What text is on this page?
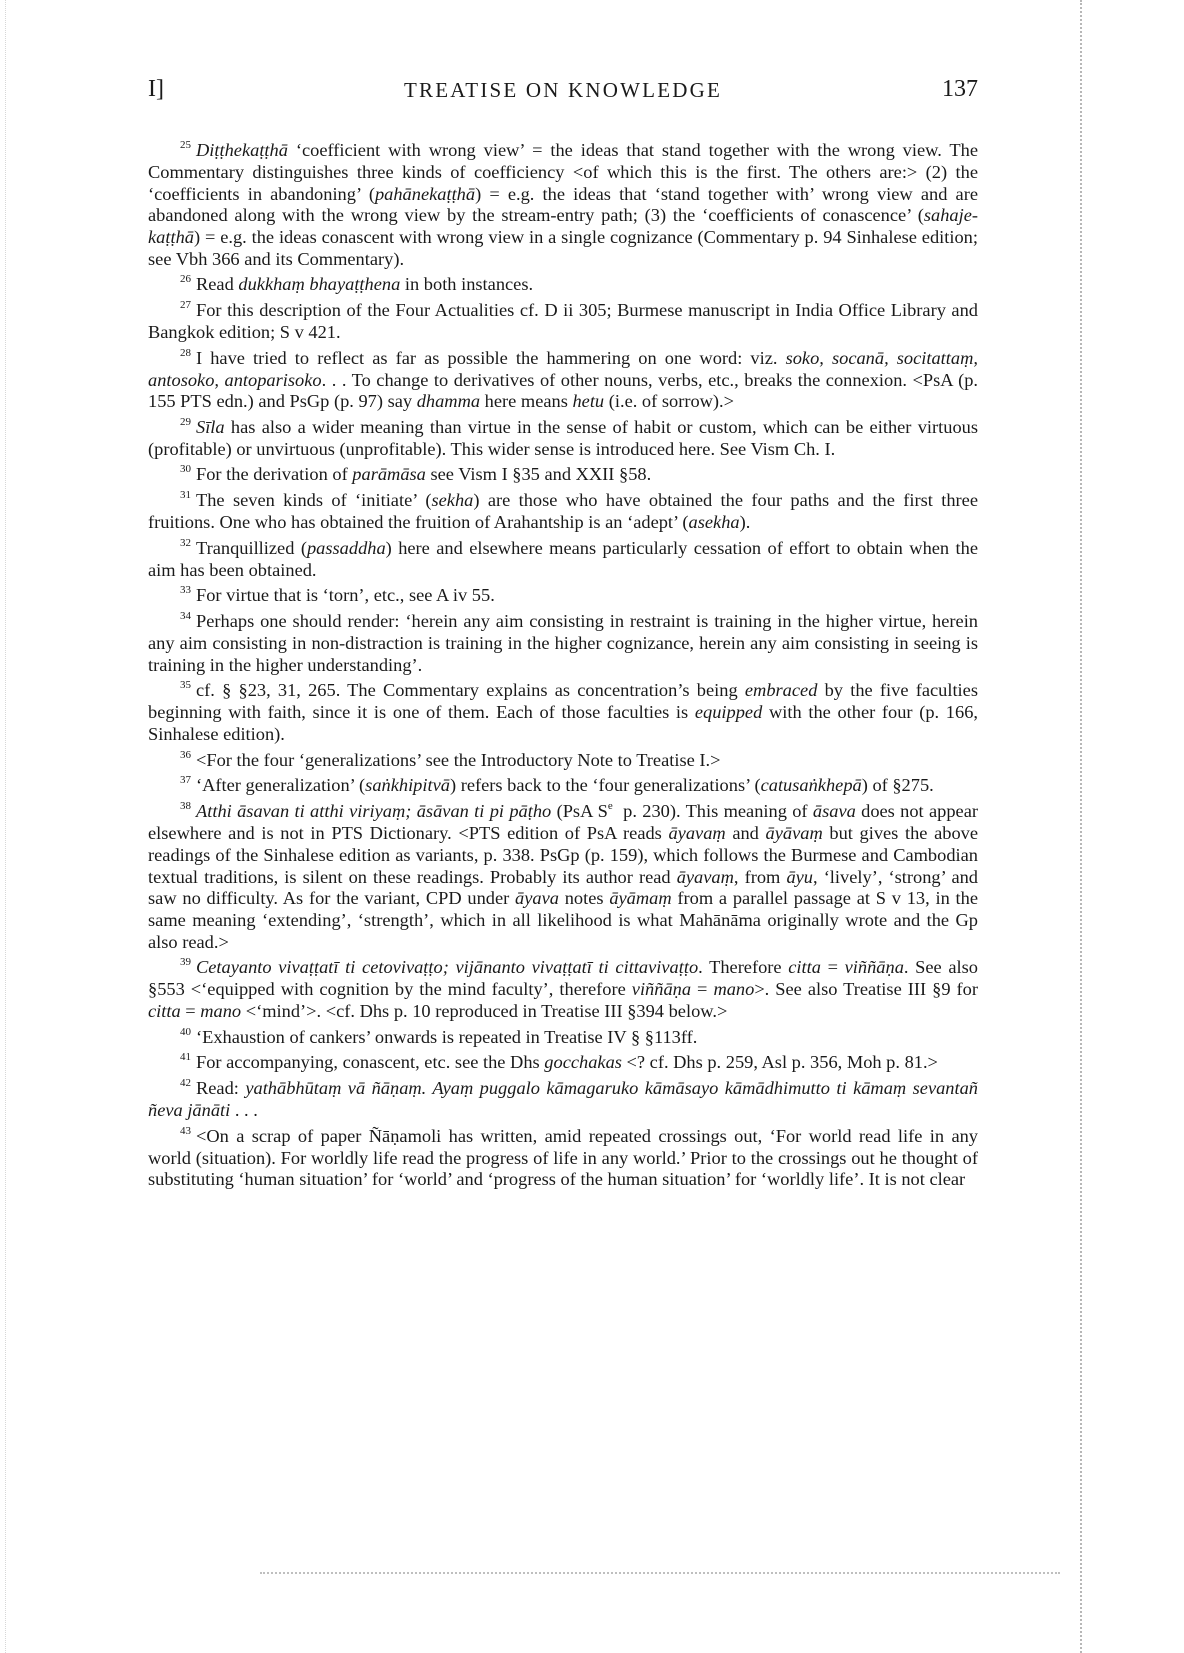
I]	TREATISE ON KNOWLEDGE	137

$^{25}$ Diṭṭhekaṭṭhā ‘coefficient with wrong view’ = the ideas that stand together with the wrong view. The Commentary distinguishes three kinds of coefficiency <of which this is the first. The others are:> (2) the ‘coefficients in abandoning’ (pahānekaṭṭhā) = e.g. the ideas that ‘stand together with’ wrong view and are abandoned along with the wrong view by the stream-entry path; (3) the ‘coefficients of conascence’ (sahajekaṭṭhā) = e.g. the ideas conascent with wrong view in a single cognizance (Commentary p. 94 Sinhalese edition; see Vbh 366 and its Commentary).

$^{26}$ Read dukkhaṃ bhayaṭṭhena in both instances.

$^{27}$ For this description of the Four Actualities cf. D ii 305; Burmese manuscript in India Office Library and Bangkok edition; S v 421.

$^{28}$ I have tried to reflect as far as possible the hammering on one word: viz. soko, socanā, socitattaṃ, antosoko, antoparisoko. . . To change to derivatives of other nouns, verbs, etc., breaks the connexion. <PsA (p. 155 PTS edn.) and PsGp (p. 97) say dhamma here means hetu (i.e. of sorrow).>

$^{29}$ Sīla has also a wider meaning than virtue in the sense of habit or custom, which can be either virtuous (profitable) or unvirtuous (unprofitable). This wider sense is introduced here. See Vism Ch. I.

$^{30}$ For the derivation of parāmāsa see Vism I §35 and XXII §58.

$^{31}$ The seven kinds of ‘initiate’ (sekha) are those who have obtained the four paths and the first three fruitions. One who has obtained the fruition of Arahantship is an ‘adept’ (asekha).

$^{32}$ Tranquillized (passaddha) here and elsewhere means particularly cessation of effort to obtain when the aim has been obtained.

$^{33}$ For virtue that is ‘torn’, etc., see A iv 55.

$^{34}$ Perhaps one should render: ‘herein any aim consisting in restraint is training in the higher virtue, herein any aim consisting in non-distraction is training in the higher cognizance, herein any aim consisting in seeing is training in the higher understanding’.

$^{35}$ cf. § §23, 31, 265. The Commentary explains as concentration’s being embraced by the five faculties beginning with faith, since it is one of them. Each of those faculties is equipped with the other four (p. 166, Sinhalese edition).

$^{36}$ <For the four ‘generalizations’ see the Introductory Note to Treatise I.>

$^{37}$ ‘After generalization’ (saṅkhipitvā) refers back to the ‘four generalizations’ (catusaṅkhepā) of §275.

$^{38}$ Atthi āsavan ti atthi viriyaṃ; āsāvan ti pi pāṭho (PsA $S^e$ p. 230). This meaning of āsava does not appear elsewhere and is not in PTS Dictionary. <PTS edition of PsA reads āyavaṃ and āyāvaṃ but gives the above readings of the Sinhalese edition as variants, p. 338. PsGp (p. 159), which follows the Burmese and Cambodian textual traditions, is silent on these readings. Probably its author read āyavaṃ, from āyu, ‘lively’, ‘strong’ and saw no difficulty. As for the variant, CPD under āyava notes āyāmaṃ from a parallel passage at S v 13, in the same meaning ‘extending’, ‘strength’, which in all likelihood is what Mahānāma originally wrote and the Gp also read.>

$^{39}$ Cetayanto vivaṭṭatī ti cetovivaṭṭo; vijānanto vivaṭṭatī ti cittavivaṭṭo. Therefore citta = viññāṇa. See also §553 <‘equipped with cognition by the mind faculty’, therefore viññāṇa = mano>. See also Treatise III §9 for citta = mano <‘mind’>. <cf. Dhs p. 10 reproduced in Treatise III §394 below.>

$^{40}$ ‘Exhaustion of cankers’ onwards is repeated in Treatise IV § §113ff.

$^{41}$ For accompanying, conascent, etc. see the Dhs gocchakas <? cf. Dhs p. 259, Asl p. 356, Moh p. 81.>

$^{42}$ Read: yathābhūtaṃ vā ñāṇaṃ. Ayaṃ puggalo kāmagaruko kāmāsayo kāmādhimutto ti kāmaṃ sevantañ ñeva jānāti . . .

$^{43}$ <On a scrap of paper Ñāṇamoli has written, amid repeated crossings out, ‘For world read life in any world (situation). For worldly life read the progress of life in any world.’ Prior to the crossings out he thought of substituting ‘human situation’ for ‘world’ and ‘progress of the human situation’ for ‘worldly life’. It is not clear
